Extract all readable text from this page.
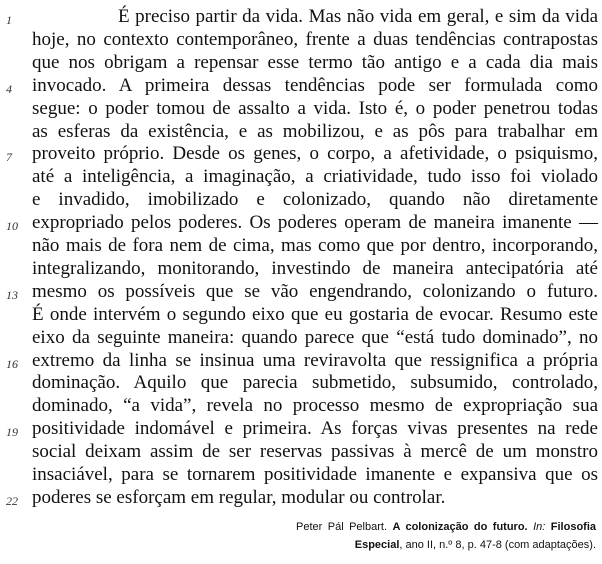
É preciso partir da vida. Mas não vida em geral, e sim da vida
hoje, no contexto contemporâneo, frente a duas tendências contrapostas
que nos obrigam a repensar esse termo tão antigo e a cada dia mais
invocado. A primeira dessas tendências pode ser formulada como
segue: o poder tomou de assalto a vida. Isto é, o poder penetrou todas
as esferas da existência, e as mobilizou, e as pôs para trabalhar em
proveito próprio. Desde os genes, o corpo, a afetividade, o psiquismo,
até a inteligência, a imaginação, a criatividade, tudo isso foi violado
e invadido, imobilizado e colonizado, quando não diretamente
expropriado pelos poderes. Os poderes operam de maneira imanente —
não mais de fora nem de cima, mas como que por dentro, incorporando,
integralizando, monitorando, investindo de maneira antecipatória até
mesmo os possíveis que se vão engendrando, colonizando o futuro.
É onde intervém o segundo eixo que eu gostaria de evocar. Resumo este
eixo da seguinte maneira: quando parece que “está tudo dominado”, no
extremo da linha se insinua uma reviravolta que ressignifica a própria
dominação. Aquilo que parecia submetido, subsumido, controlado,
dominado, “a vida”, revela no processo mesmo de expropriação sua
positividade indomável e primeira. As forças vivas presentes na rede
social deixam assim de ser reservas passivas à mercê de um monstro
insaciável, para se tornarem positividade imanente e expansiva que os
poderes se esforçam em regular, modular ou controlar.
1
4
7
10
13
16
19
22
Peter Pál Pelbart. A colonização do futuro. In: Filosofia Especial, ano II, n.º 8, p. 47-8 (com adaptações).
